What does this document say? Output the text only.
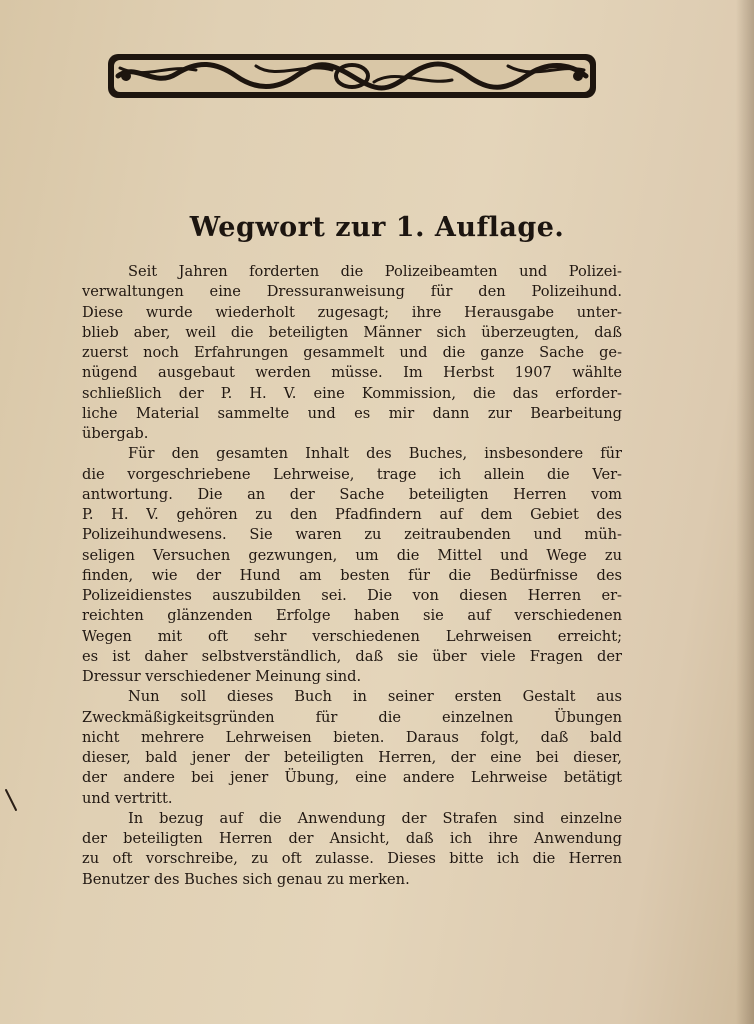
Wegwort zur 1. Auflage.
Seit Jahren forderten die Polizeibeamten und Polizei-
verwaltungen eine Dressuranweisung für den Polizeihund.
Diese wurde wiederholt zugesagt; ihre Herausgabe unter-
blieb aber, weil die beteiligten Männer sich überzeugten, daß
zuerst noch Erfahrungen gesammelt und die ganze Sache ge-
nügend ausgebaut werden müsse. Im Herbst 1907 wählte
schließlich der P. H. V. eine Kommission, die das erforder-
liche Material sammelte und es mir dann zur Bearbeitung
übergab.
Für den gesamten Inhalt des Buches, insbesondere für
die vorgeschriebene Lehrweise, trage ich allein die Ver-
antwortung. Die an der Sache beteiligten Herren vom
P. H. V. gehören zu den Pfadfindern auf dem Gebiet des
Polizeihundwesens. Sie waren zu zeitraubenden und müh-
seligen Versuchen gezwungen, um die Mittel und Wege zu
finden, wie der Hund am besten für die Bedürfnisse des
Polizeidienstes auszubilden sei. Die von diesen Herren er-
reichten glänzenden Erfolge haben sie auf verschiedenen
Wegen mit oft sehr verschiedenen Lehrweisen erreicht;
es ist daher selbstverständlich, daß sie über viele Fragen der
Dressur verschiedener Meinung sind.
Nun soll dieses Buch in seiner ersten Gestalt aus
Zweckmäßigkeitsgründen für die einzelnen Übungen
nicht mehrere Lehrweisen bieten. Daraus folgt, daß bald
dieser, bald jener der beteiligten Herren, der eine bei dieser,
der andere bei jener Übung, eine andere Lehrweise betätigt
und vertritt.
In bezug auf die Anwendung der Strafen sind einzelne
der beteiligten Herren der Ansicht, daß ich ihre Anwendung
zu oft vorschreibe, zu oft zulasse. Dieses bitte ich die Herren
Benutzer des Buches sich genau zu merken.
